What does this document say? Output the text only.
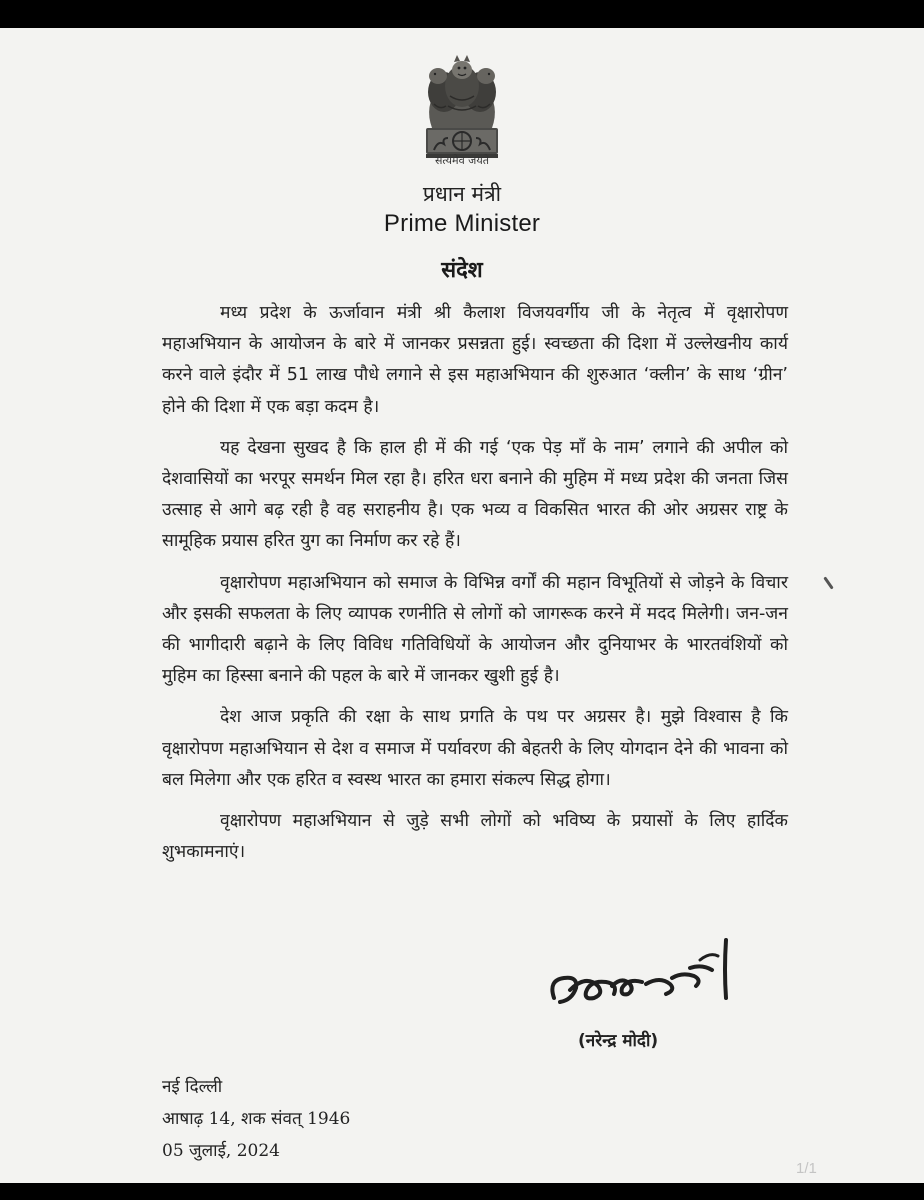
सत्यमेव जयते
प्रधान मंत्री
Prime Minister
संदेश

मध्य प्रदेश के ऊर्जावान मंत्री श्री कैलाश विजयवर्गीय जी के नेतृत्व में वृक्षारोपण महाअभियान के आयोजन के बारे में जानकर प्रसन्नता हुई। स्वच्छता की दिशा में उल्लेखनीय कार्य करने वाले इंदौर में 51 लाख पौधे लगाने से इस महाअभियान की शुरुआत ‘क्लीन’ के साथ ‘ग्रीन’ होने की दिशा में एक बड़ा कदम है।

यह देखना सुखद है कि हाल ही में की गई ‘एक पेड़ माँ के नाम’ लगाने की अपील को देशवासियों का भरपूर समर्थन मिल रहा है। हरित धरा बनाने की मुहिम में मध्य प्रदेश की जनता जिस उत्साह से आगे बढ़ रही है वह सराहनीय है। एक भव्य व विकसित भारत की ओर अग्रसर राष्ट्र के सामूहिक प्रयास हरित युग का निर्माण कर रहे हैं।

वृक्षारोपण महाअभियान को समाज के विभिन्न वर्गों की महान विभूतियों से जोड़ने के विचार और इसकी सफलता के लिए व्यापक रणनीति से लोगों को जागरूक करने में मदद मिलेगी। जन-जन की भागीदारी बढ़ाने के लिए विविध गतिविधियों के आयोजन और दुनियाभर के भारतवंशियों को मुहिम का हिस्सा बनाने की पहल के बारे में जानकर खुशी हुई है।

देश आज प्रकृति की रक्षा के साथ प्रगति के पथ पर अग्रसर है। मुझे विश्वास है कि वृक्षारोपण महाअभियान से देश व समाज में पर्यावरण की बेहतरी के लिए योगदान देने की भावना को बल मिलेगा और एक हरित व स्वस्थ भारत का हमारा संकल्प सिद्ध होगा।

वृक्षारोपण महाअभियान से जुड़े सभी लोगों को भविष्य के प्रयासों के लिए हार्दिक शुभकामनाएं।

(नरेन्द्र मोदी)
नई दिल्ली
आषाढ़ 14, शक संवत् 1946
05 जुलाई, 2024
1/1
